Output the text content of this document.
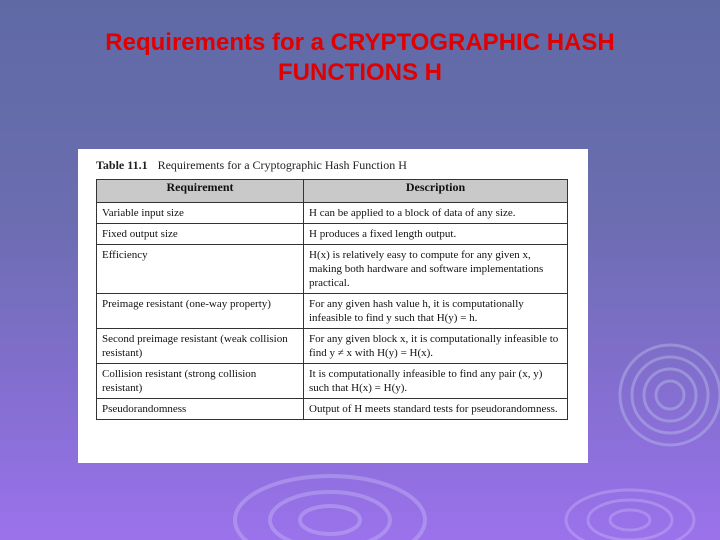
Requirements for a CRYPTOGRAPHIC HASH FUNCTIONS H
Table 11.1 Requirements for a Cryptographic Hash Function H
Requirement	Description
Variable input size	H can be applied to a block of data of any size.
Fixed output size	H produces a fixed length output.
Efficiency	H(x) is relatively easy to compute for any given x, making both hardware and software implementations practical.
Preimage resistant (one-way property)	For any given hash value h, it is computationally infeasible to find y such that H(y) = h.
Second preimage resistant (weak collision resistant)	For any given block x, it is computationally infeasible to find y ≠ x with H(y) = H(x).
Collision resistant (strong collision resistant)	It is computationally infeasible to find any pair (x, y) such that H(x) = H(y).
Pseudorandomness	Output of H meets standard tests for pseudorandomness.
